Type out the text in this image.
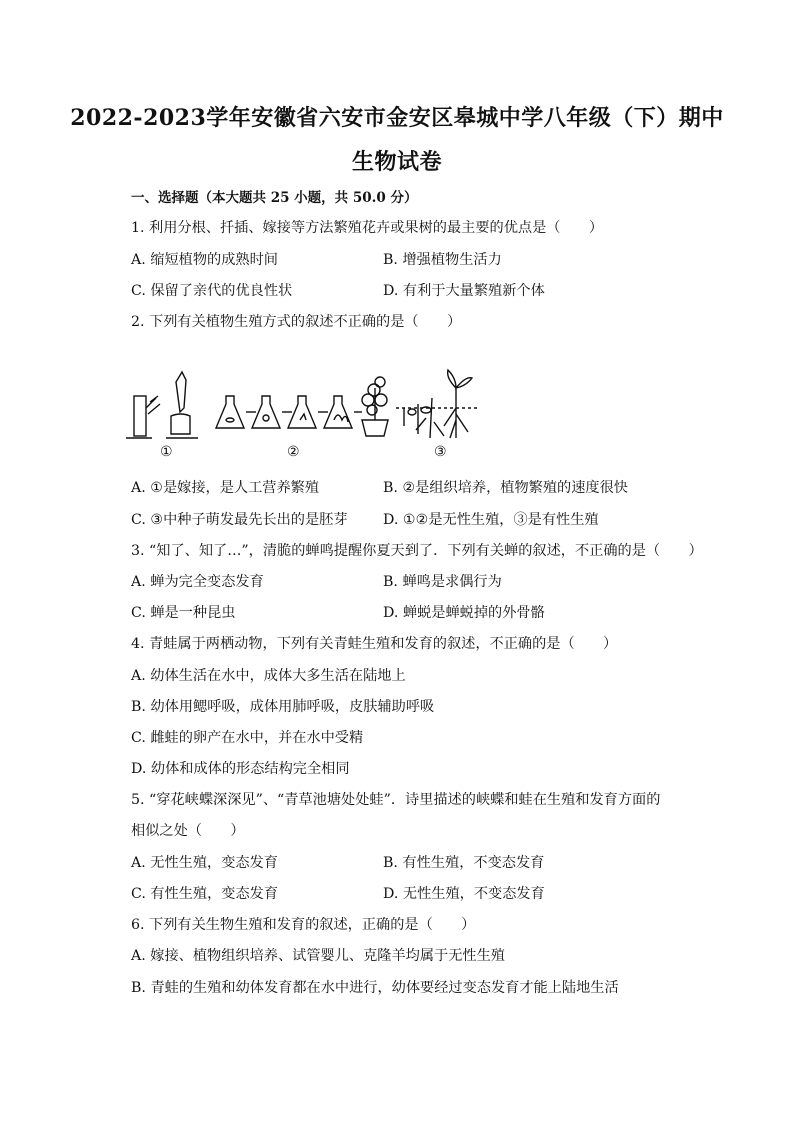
2022-2023学年安徽省六安市金安区皋城中学八年级（下）期中
生物试卷
一、选择题（本大题共 25 小题，共 50.0 分）
1. 利用分根、扦插、嫁接等方法繁殖花卉或果树的最主要的优点是（　　）
A. 缩短植物的成熟时间	B. 增强植物生活力
C. 保留了亲代的优良性状	D. 有利于大量繁殖新个体
2. 下列有关植物生殖方式的叙述不正确的是（　　）
①	②	③
A. ①是嫁接，是人工营养繁殖	B. ②是组织培养，植物繁殖的速度很快
C. ③中种子萌发最先长出的是胚芽 D. ①②是无性生殖，③是有性生殖
3. “知了、知了…”，清脆的蝉鸣提醒你夏天到了．下列有关蝉的叙述，不正确的是（　　）
A. 蝉为完全变态发育	B. 蝉鸣是求偶行为
C. 蝉是一种昆虫	D. 蝉蜕是蝉蜕掉的外骨骼
4. 青蛙属于两栖动物，下列有关青蛙生殖和发育的叙述，不正确的是（　　）
A. 幼体生活在水中，成体大多生活在陆地上
B. 幼体用鳃呼吸，成体用肺呼吸，皮肤辅助呼吸
C. 雌蛙的卵产在水中，并在水中受精
D. 幼体和成体的形态结构完全相同
5. “穿花峡蝶深深见”、“青草池塘处处蛙”．诗里描述的峡蝶和蛙在生殖和发育方面的
相似之处（　　）
A. 无性生殖，变态发育	B. 有性生殖，不变态发育
C. 有性生殖，变态发育	D. 无性生殖，不变态发育
6. 下列有关生物生殖和发育的叙述，正确的是（　　）
A. 嫁接、植物组织培养、试管婴儿、克隆羊均属于无性生殖
B. 青蛙的生殖和幼体发育都在水中进行，幼体要经过变态发育才能上陆地生活
